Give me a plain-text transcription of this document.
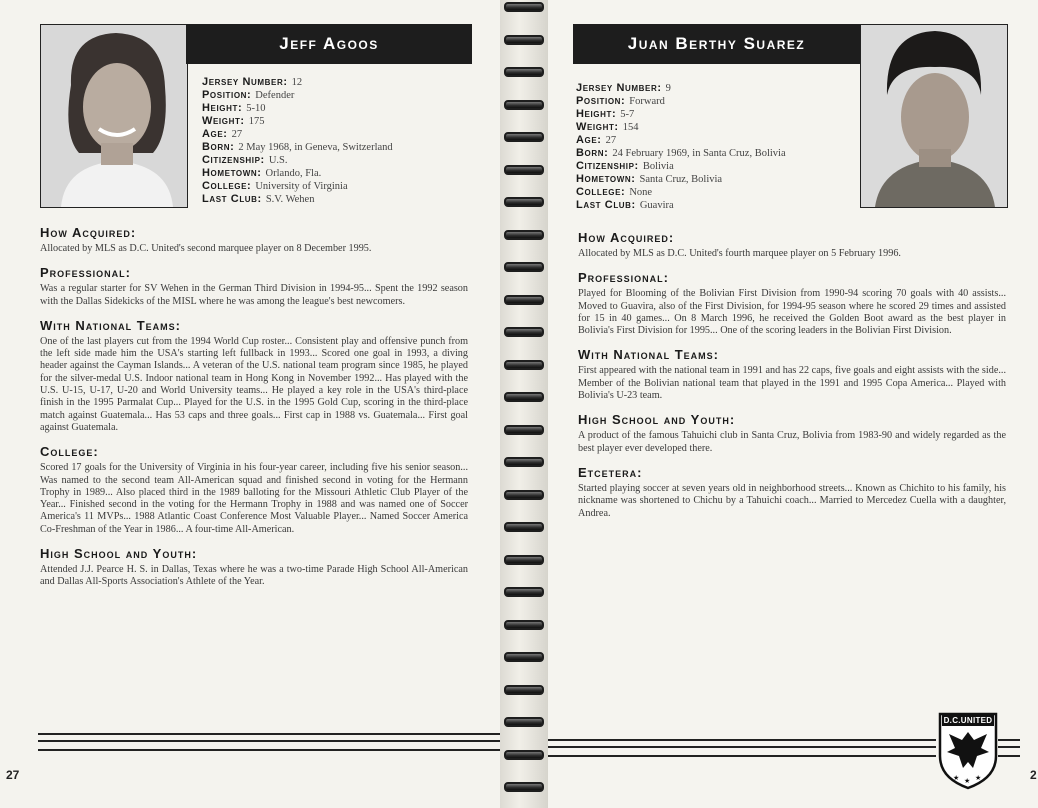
Jeff Agoos
Jersey Number: 12
Position: Defender
Height: 5-10
Weight: 175
Age: 27
Born: 2 May 1968, in Geneva, Switzerland
Citizenship: U.S.
Hometown: Orlando, Fla.
College: University of Virginia
Last Club: S.V. Wehen
How Acquired:
Allocated by MLS as D.C. United's second marquee player on 8 December 1995.
Professional:
Was a regular starter for SV Wehen in the German Third Division in 1994-95... Spent the 1992 season with the Dallas Sidekicks of the MISL where he was among the league's best newcomers.
With National Teams:
One of the last players cut from the 1994 World Cup roster... Consistent play and offensive punch from the left side made him the USA's starting left fullback in 1993... Scored one goal in 1993, a diving header against the Cayman Islands... A veteran of the U.S. national team program since 1985, he played for the silver-medal U.S. Indoor national team in Hong Kong in November 1992... Has played with the U.S. U-15, U-17, U-20 and World University teams... He played a key role in the USA's third-place finish in the 1995 Parmalat Cup... Played for the U.S. in the 1995 Gold Cup, scoring in the third-place match against Guatemala... Has 53 caps and three goals... First cap in 1988 vs. Guatemala... First goal against Guatemala.
College:
Scored 17 goals for the University of Virginia in his four-year career, including five his senior season... Was named to the second team All-American squad and finished second in voting for the Hermann Trophy in 1989... Also placed third in the 1989 balloting for the Missouri Athletic Club Player of the Year... Finished second in the voting for the Hermann Trophy in 1988 and was named one of Soccer America's 11 MVPs... 1988 Atlantic Coast Conference Most Valuable Player... Named Soccer America Co-Freshman of the Year in 1986... A four-time All-American.
High School and Youth:
Attended J.J. Pearce H. S. in Dallas, Texas where he was a two-time Parade High School All-American and Dallas All-Sports Association's Athlete of the Year.
27
Juan Berthy Suarez
Jersey Number: 9
Position: Forward
Height: 5-7
Weight: 154
Age: 27
Born: 24 February 1969, in Santa Cruz, Bolivia
Citizenship: Bolivia
Hometown: Santa Cruz, Bolivia
College: None
Last Club: Guavira
How Acquired:
Allocated by MLS as D.C. United's fourth marquee player on 5 February 1996.
Professional:
Played for Blooming of the Bolivian First Division from 1990-94 scoring 70 goals with 40 assists... Moved to Guavira, also of the First Division, for 1994-95 season where he scored 29 times and assisted for 15 in 40 games... On 8 March 1996, he received the Golden Boot award as the best player in Bolivia's First Division for 1995... One of the scoring leaders in the Bolivian First Division.
With National Teams:
First appeared with the national team in 1991 and has 22 caps, five goals and eight assists with the side... Member of the Bolivian national team that played in the 1991 and 1995 Copa America... Played with Bolivia's U-23 team.
High School and Youth:
A product of the famous Tahuichi club in Santa Cruz, Bolivia from 1983-90 and widely regarded as the best player ever developed there.
Etcetera:
Started playing soccer at seven years old in neighborhood streets... Known as Chichito to his family, his nickname was shortened to Chichu by a Tahuichi coach... Married to Mercedez Cuella with a daughter, Andrea.
2
★ ★ ★
D.C.UNITED
